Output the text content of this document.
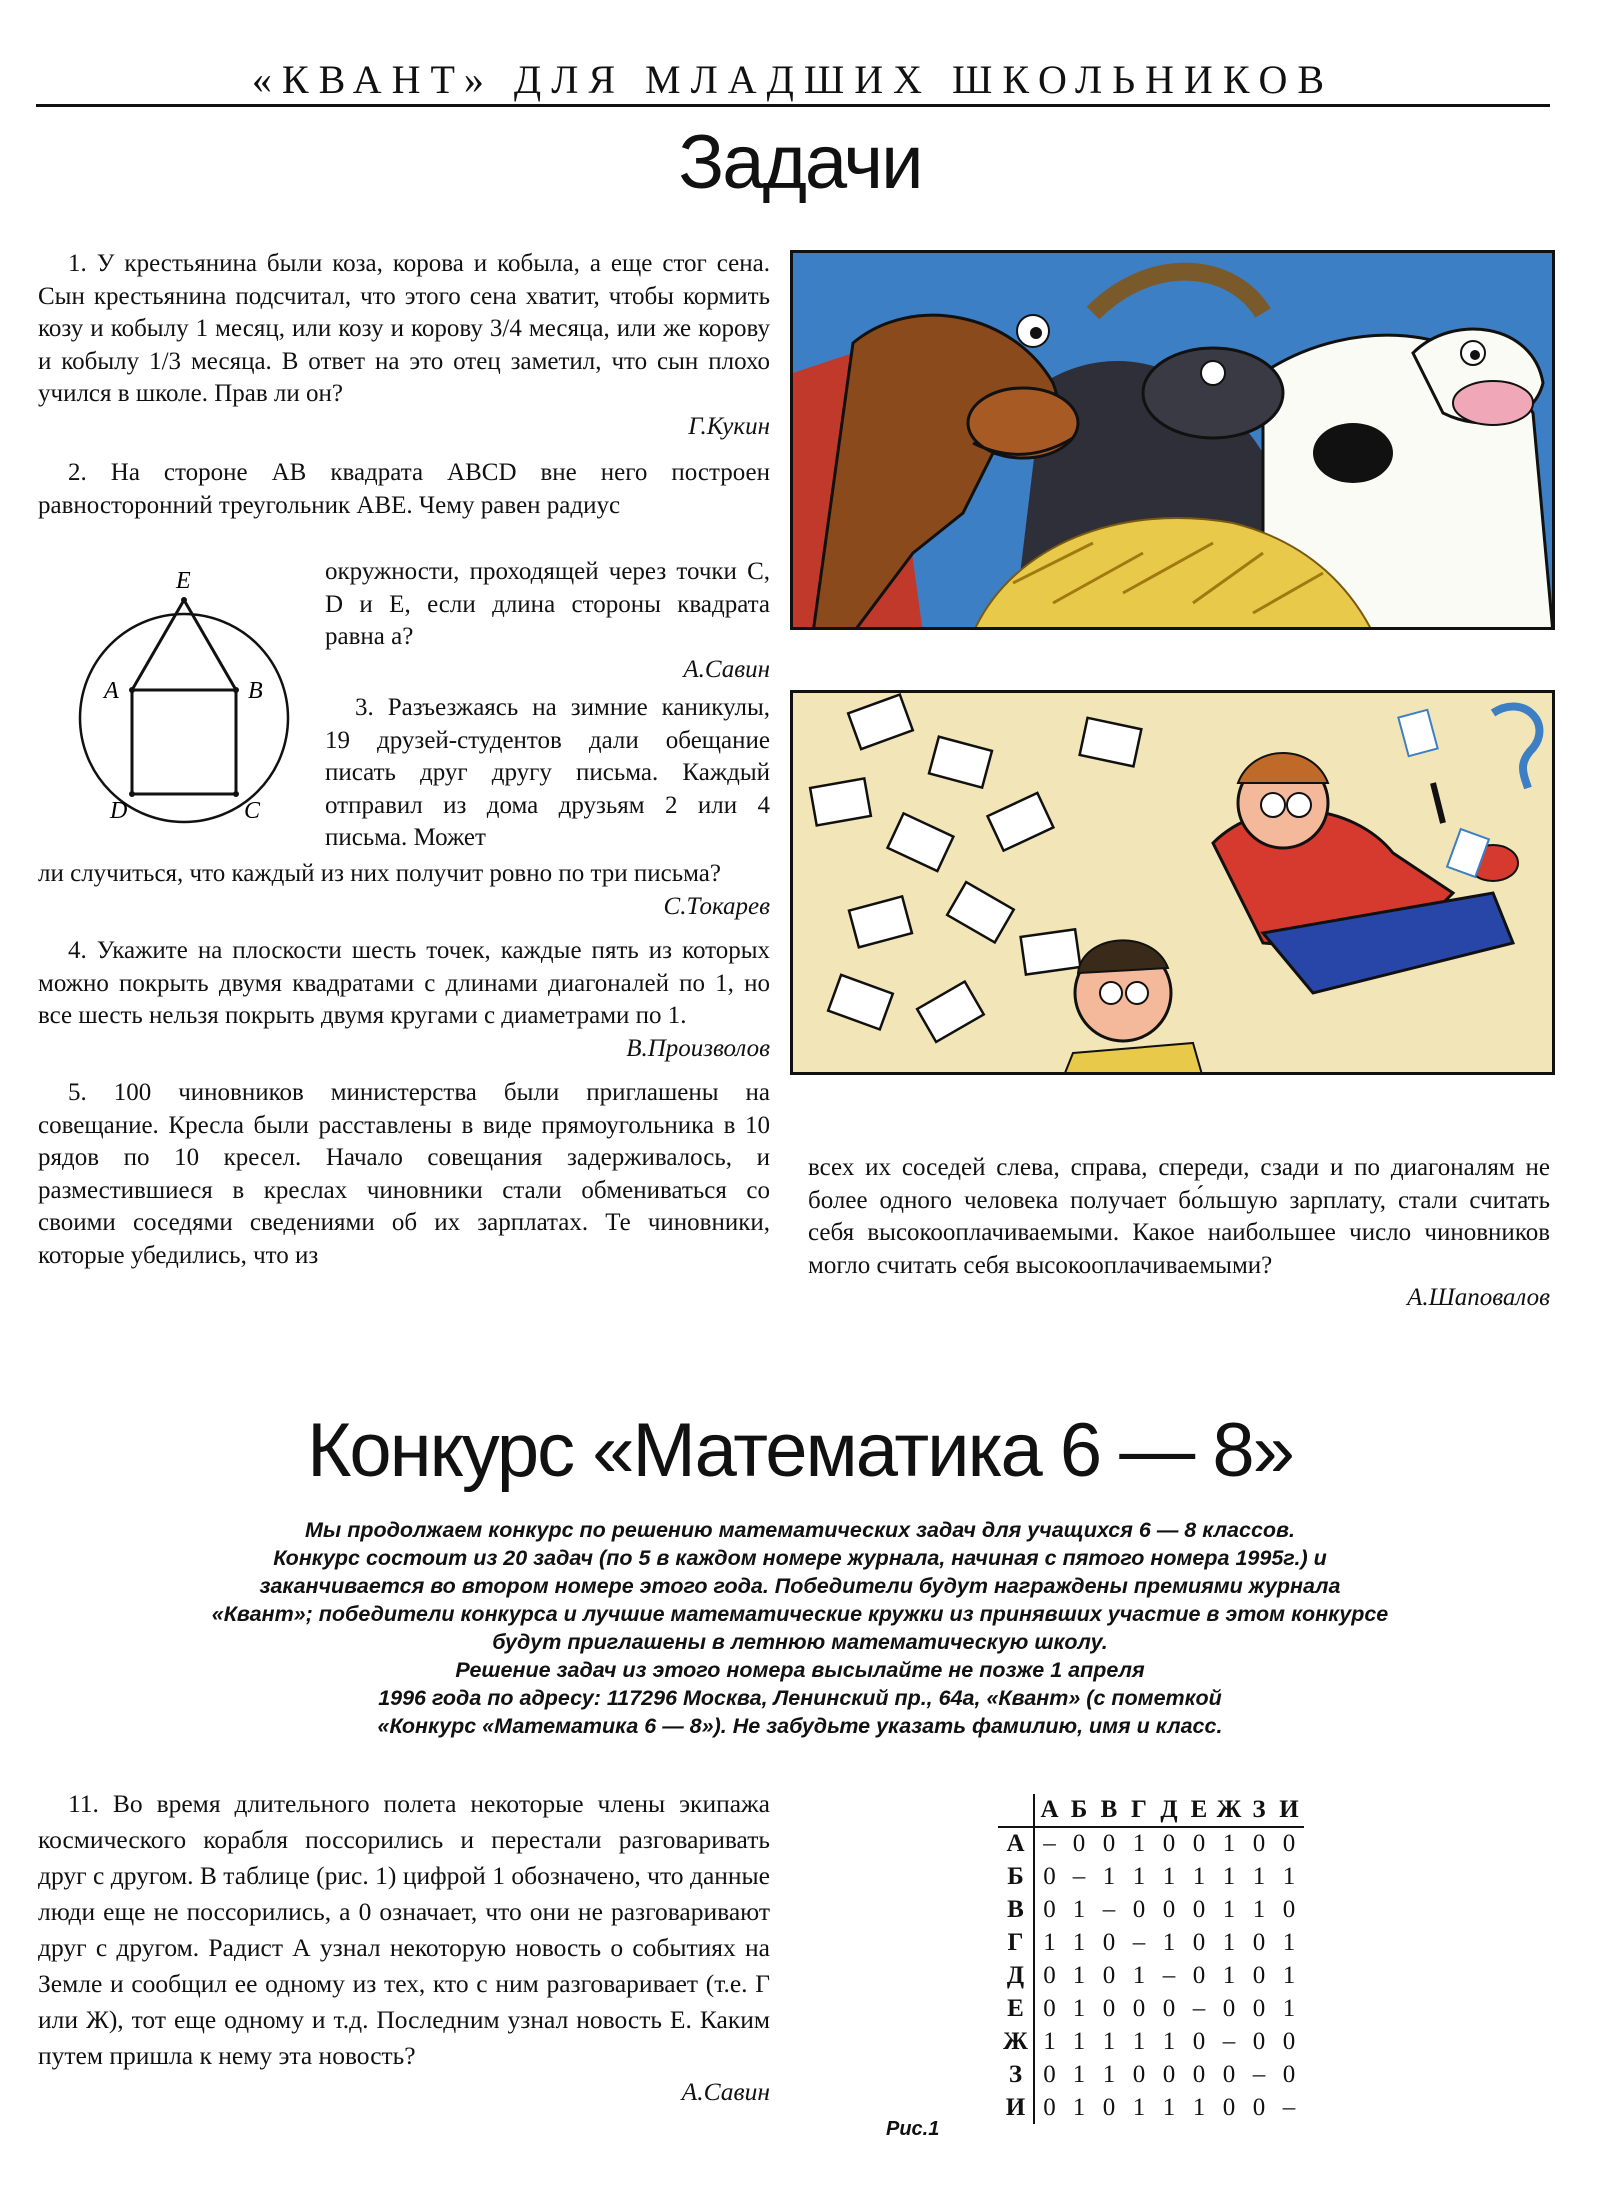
«КВАНТ» ДЛЯ МЛАДШИХ ШКОЛЬНИКОВ
Задачи
1. У крестьянина были коза, корова и кобыла, а еще стог сена. Сын крестьянина подсчитал, что этого сена хватит, чтобы кормить козу и кобылу 1 месяц, или козу и корову 3/4 месяца, или же корову и кобылу 1/3 месяца. В ответ на это отец заметил, что сын плохо учился в школе. Прав ли он?
Г.Кукин
2. На стороне AB квадрата ABCD вне него построен равносторонний треугольник ABE. Чему равен радиус
E
A	B
C
D
окружности, проходящей через точки C, D и E, если длина стороны квадрата равна a?
А.Савин
3. Разъезжаясь на зимние каникулы, 19 друзей-студентов дали обещание писать друг другу письма. Каждый отправил из дома друзьям 2 или 4 письма. Может
ли случиться, что каждый из них получит ровно по три письма?
С.Токарев
4. Укажите на плоскости шесть точек, каждые пять из которых можно покрыть двумя квадратами с длинами диагоналей по 1, но все шесть нельзя покрыть двумя кругами с диаметрами по 1.
В.Произволов
5. 100 чиновников министерства были приглашены на совещание. Кресла были расставлены в виде прямоугольника в 10 рядов по 10 кресел. Начало совещания задерживалось, и разместившиеся в креслах чиновники стали обмениваться со своими соседями сведениями об их зарплатах. Те чиновники, которые убедились, что из
всех их соседей слева, справа, спереди, сзади и по диагоналям не более одного человека получает бо́льшую зарплату, стали считать себя высокооплачиваемыми. Какое наибольшее число чиновников могло считать себя высокооплачиваемыми?
А.Шаповалов
Конкурс «Математика 6 — 8»
Мы продолжаем конкурс по решению математических задач для учащихся 6 — 8 классов.
Конкурс состоит из 20 задач (по 5 в каждом номере журнала, начиная с пятого номера 1995г.) и
заканчивается во втором номере этого года. Победители будут награждены премиями журнала
«Квант»; победители конкурса и лучшие математические кружки из принявших участие в этом конкурсе
будут приглашены в летнюю математическую школу.
Решение задач из этого номера высылайте не позже 1 апреля
1996 года по адресу: 117296 Москва, Ленинский пр., 64а, «Квант» (с пометкой
«Конкурс «Математика 6 — 8»). Не забудьте указать фамилию, имя и класс.
11. Во время длительного полета некоторые члены экипажа космического корабля поссорились и перестали разговаривать друг с другом. В таблице (рис. 1) цифрой 1 обозначено, что данные люди еще не поссорились, а 0 означает, что они не разговаривают друг с другом. Радист А узнал некоторую новость о событиях на Земле и сообщил ее одному из тех, кто с ним разговаривает (т.е. Г или Ж), тот еще одному и т.д. Последним узнал новость Е. Каким путем пришла к нему эта новость?
А.Савин
	А	Б	В	Г	Д	Е	Ж	З	И
А	–	0	0	1	0	0	1	0	0
Б	0	–	1	1	1	1	1	1	1
В	0	1	–	0	0	0	1	1	0
Г	1	1	0	–	1	0	1	0	1
Д	0	1	0	1	–	0	1	0	1
Е	0	1	0	0	0	–	0	0	1
Ж	1	1	1	1	1	0	–	0	0
З	0	1	1	0	0	0	0	–	0
И	0	1	0	1	1	1	0	0	–
Рис.1
